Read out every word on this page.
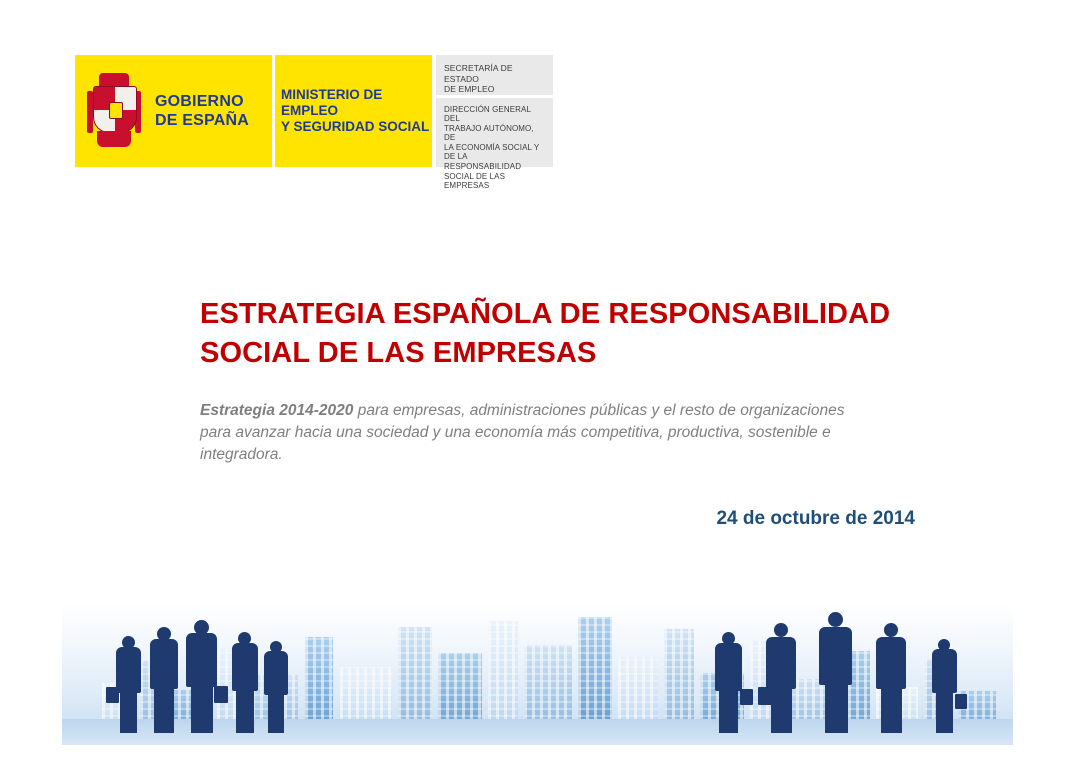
GOBIERNO
DE ESPAÑA
MINISTERIO DE EMPLEO
Y SEGURIDAD SOCIAL
SECRETARÍA DE ESTADO
DE EMPLEO
DIRECCIÓN GENERAL DEL
TRABAJO AUTÓNOMO, DE
LA ECONOMÍA SOCIAL Y
DE LA RESPONSABILIDAD
SOCIAL DE LAS EMPRESAS
ESTRATEGIA ESPAÑOLA DE RESPONSABILIDAD
SOCIAL DE LAS EMPRESAS
Estrategia 2014-2020 para empresas, administraciones públicas y el resto de organizaciones para avanzar hacia una sociedad y una economía más competitiva, productiva, sostenible e integradora.
24 de octubre de 2014
